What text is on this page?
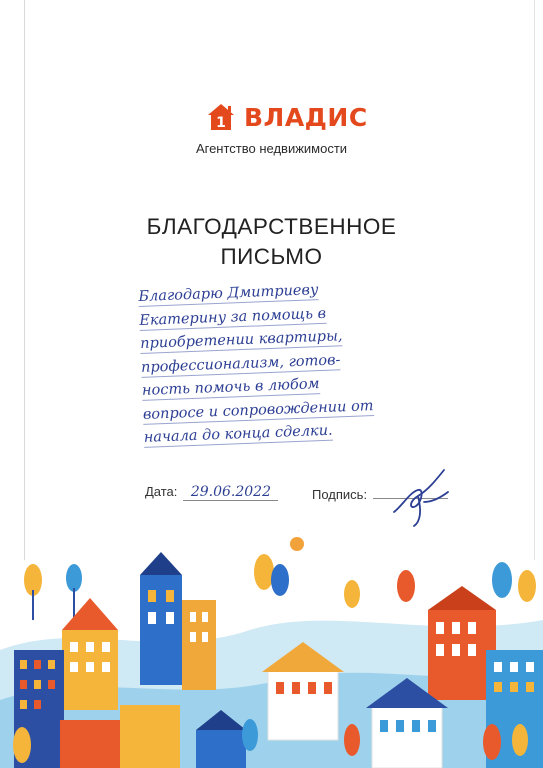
1 ВЛАДИС
Агентство недвижимости
БЛАГОДАРСТВЕННОЕ
ПИСЬМО
Благодарю Дмитриеву
Екатерину за помощь в
приобретении квартиры,
профессионализм, готов-
ность помочь в любом
вопросе и сопровождении от
начала до конца сделки.
Дата: 29.06.2022	Подпись:
